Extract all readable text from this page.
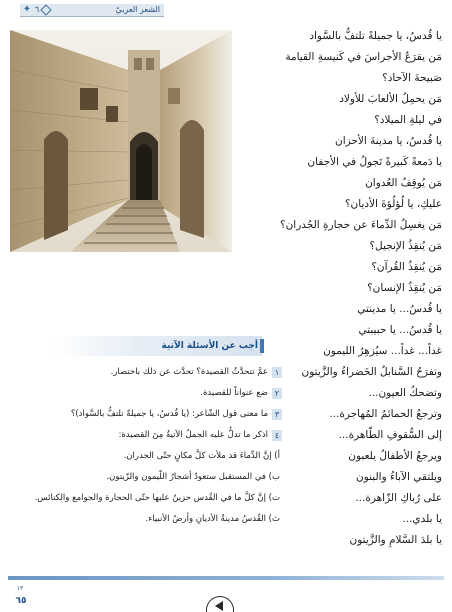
✦ ٦	الشعر العربيّ
يا قُدسُ، يا جميلةً تلتفُّ بالسَّواد
مَن يقرَعُ الأجراسَ في كَنيسةِ القيامة
صَبيحةَ الآحاد؟
مَن يحمِلُ الألعابَ للأولاد
في ليلةِ الميلاد؟
يا قُدسُ، يا مدينةَ الأحزان
يا دَمعةً كَبيرةً تَجولُ في الأجفان
مَن يُوقِفُ العُدوان
عليكِ، يا لُؤلُؤةَ الأديان؟
مَن يغسِلُ الدِّماءَ عن حجارةِ الجُدران؟
مَن يُنقِذُ الإنجيل؟
مَن يُنقِذُ القُرآن؟
مَن يُنقِذُ الإنسان؟
يا قُدسُ... يا مدينتي
يا قُدسُ... يا حبيبتي
غداً... غداً... سيُزهِرُ الليمون
وتفرَحُ السَّنابلُ الخَضراءُ والزَّيتون
وتضحكُ العيون...
وترجعُ الحمائمُ المُهاجرة...
إلى السُّقوفِ الطّاهرة...
ويرجعُ الأطفالُ يلعبون
ويلتقي الآباءُ والبنون
على رُباكِ الزّاهرة...
يا بلدي...
يا بلدَ السَّلامِ والزَّيتون
أجب عن الأسئلة الآتية
١
عمَّ تتحدَّثُ القصيدة؟ تحدَّث عن ذلك باختصار.
٢
ضع عنواناً للقصيدة.
٣
ما معنى قول الشّاعر: (يا قُدسُ، يا جميلةً تلتفُّ بالسَّواد)؟
٤
اذكر ما تدلُّ عليه الجملُ الآتيةُ مِنَ القصيدة:
أ) إنَّ الدِّماءَ قد ملأت كلَّ مكانٍ حتّى الجدران.
ب) في المستقبل ستعودُ أشجارُ اللّيمون والزّيتون.
ت) إنَّ كلَّ ما في القُدس حزينٌ عليها حتّى الحجارة والجوامع والكنائس.
ث) القُدسُ مدينةُ الأديانِ وأرضُ الأنبياء.
١٣
٦٥
